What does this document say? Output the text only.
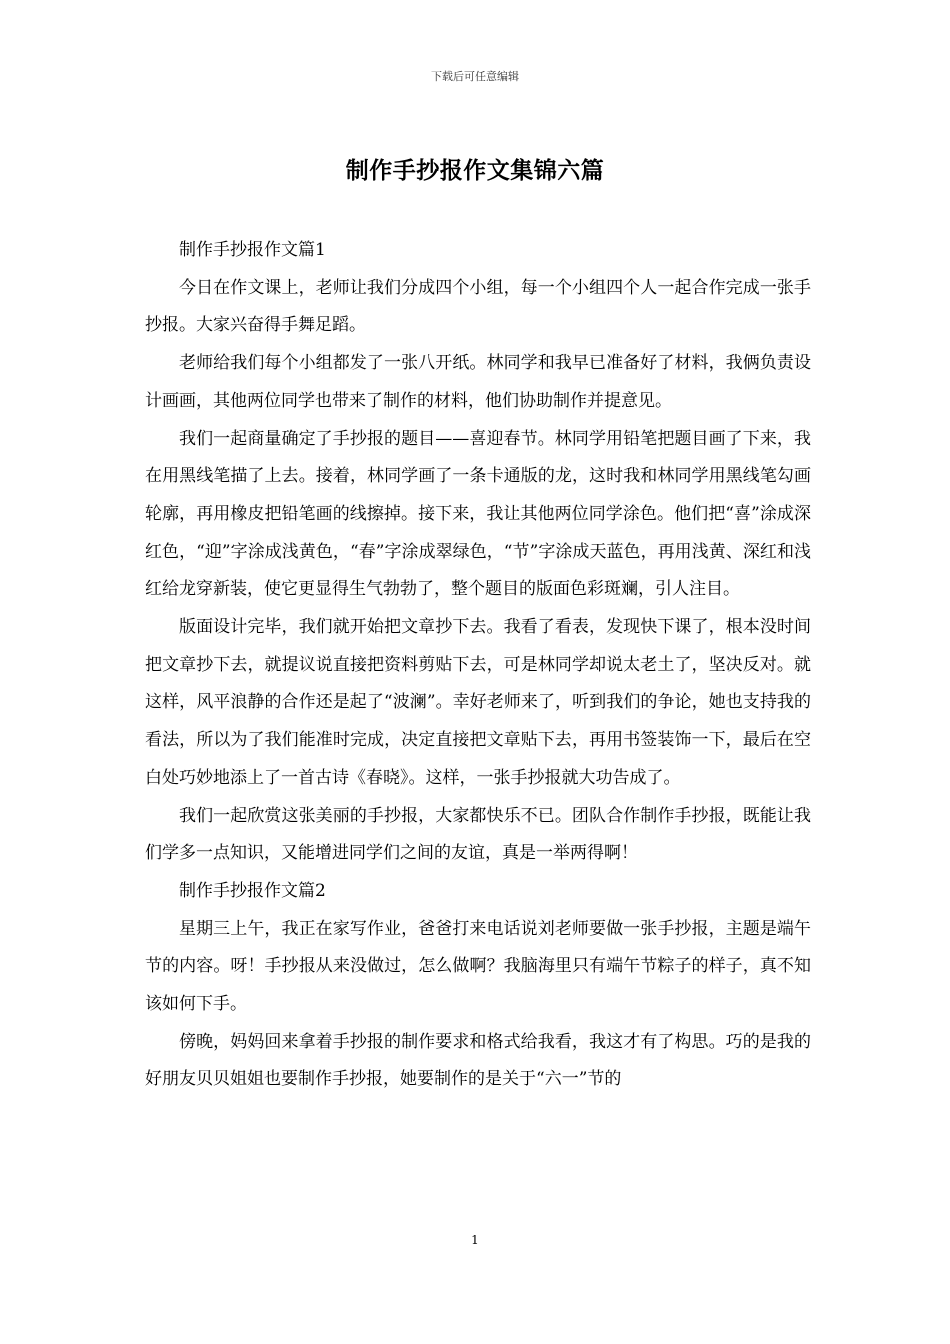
下载后可任意编辑
制作手抄报作文集锦六篇

制作手抄报作文篇1

今日在作文课上，老师让我们分成四个小组，每一个小组四个人一起合作完成一张手抄报。大家兴奋得手舞足蹈。

老师给我们每个小组都发了一张八开纸。林同学和我早已准备好了材料，我俩负责设计画画，其他两位同学也带来了制作的材料，他们协助制作并提意见。

我们一起商量确定了手抄报的题目——喜迎春节。林同学用铅笔把题目画了下来，我在用黑线笔描了上去。接着，林同学画了一条卡通版的龙，这时我和林同学用黑线笔勾画轮廓，再用橡皮把铅笔画的线擦掉。接下来，我让其他两位同学涂色。他们把“喜”涂成深红色，“迎”字涂成浅黄色，“春”字涂成翠绿色，“节”字涂成天蓝色，再用浅黄、深红和浅红给龙穿新装，使它更显得生气勃勃了，整个题目的版面色彩斑斓，引人注目。

版面设计完毕，我们就开始把文章抄下去。我看了看表，发现快下课了，根本没时间把文章抄下去，就提议说直接把资料剪贴下去，可是林同学却说太老土了，坚决反对。就这样，风平浪静的合作还是起了“波澜”。幸好老师来了，听到我们的争论，她也支持我的看法，所以为了我们能准时完成，决定直接把文章贴下去，再用书签装饰一下，最后在空白处巧妙地添上了一首古诗《春晓》。这样，一张手抄报就大功告成了。

我们一起欣赏这张美丽的手抄报，大家都快乐不已。团队合作制作手抄报，既能让我们学多一点知识，又能增进同学们之间的友谊，真是一举两得啊！

制作手抄报作文篇2

星期三上午，我正在家写作业，爸爸打来电话说刘老师要做一张手抄报，主题是端午节的内容。呀！手抄报从来没做过，怎么做啊？我脑海里只有端午节粽子的样子，真不知该如何下手。

傍晚，妈妈回来拿着手抄报的制作要求和格式给我看，我这才有了构思。巧的是我的好朋友贝贝姐姐也要制作手抄报，她要制作的是关于“六一”节的

1
